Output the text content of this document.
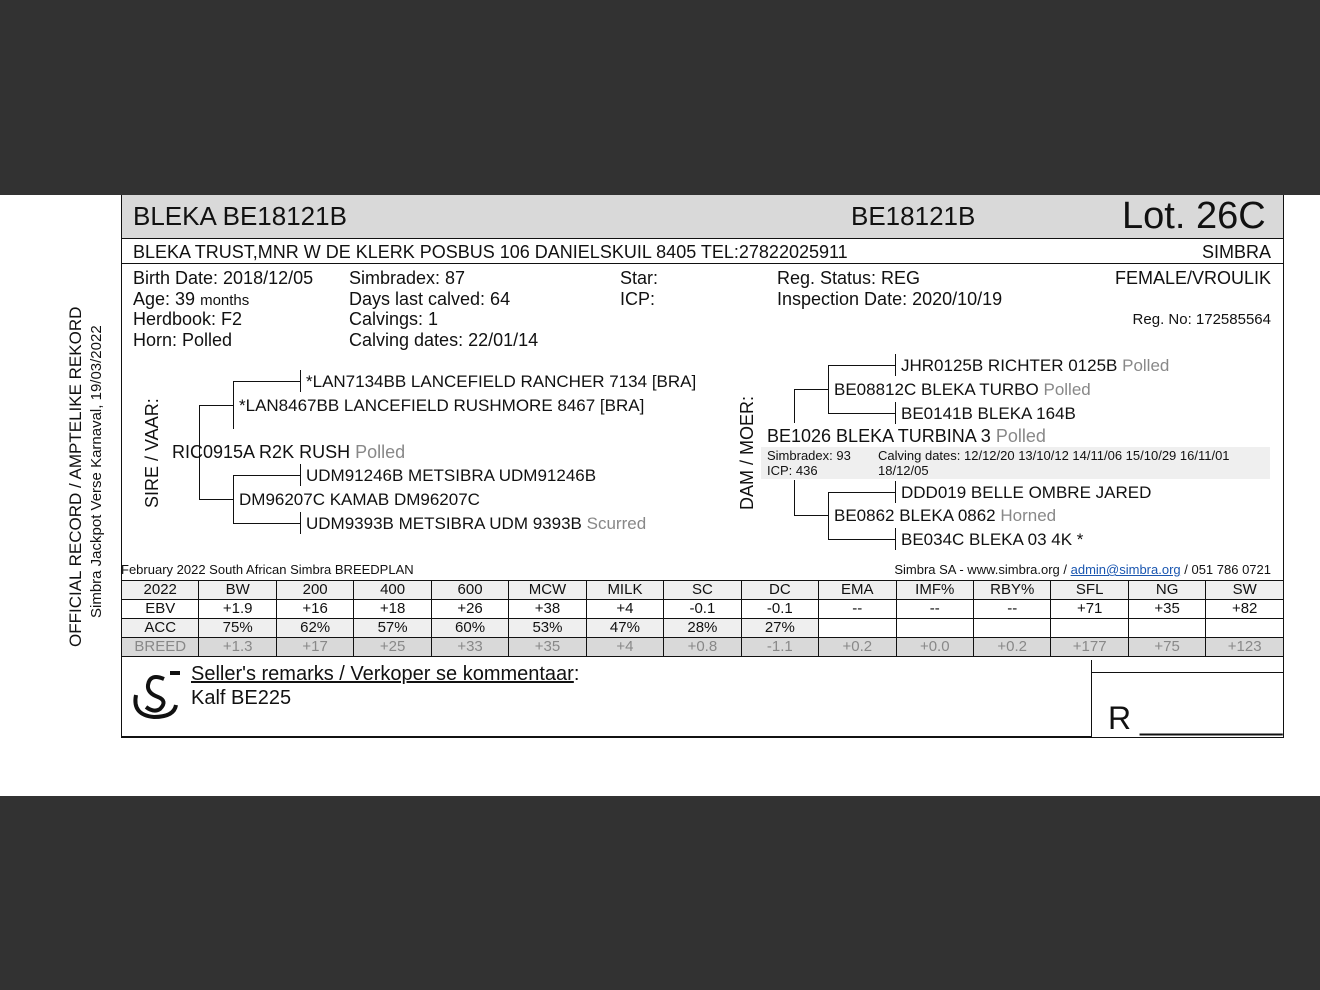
OFFICIAL RECORD / AMPTELIKE REKORD Simbra Jackpot Verse Karnaval, 19/03/2022
BLEKA BE18121B	BE18121B	Lot. 26C
BLEKA TRUST,MNR W DE KLERK POSBUS 106 DANIELSKUIL 8405 TEL:27822025911	SIMBRA
Birth Date: 2018/12/05
Age: 39 months
Herdbook: F2
Horn: Polled
Simbradex: 87
Days last calved: 64
Calvings: 1
Calving dates: 22/01/14
Star:
ICP:
Reg. Status: REG
Inspection Date: 2020/10/19
FEMALE/VROULIK
Reg. No: 172585564
SIRE / VAAR:
*LAN7134BB LANCEFIELD RANCHER 7134 [BRA]
*LAN8467BB LANCEFIELD RUSHMORE 8467 [BRA]
RIC0915A R2K RUSH Polled
UDM91246B METSIBRA UDM91246B
DM96207C KAMAB DM96207C
UDM9393B METSIBRA UDM 9393B Scurred
DAM / MOER:
JHR0125B RICHTER 0125B Polled
BE08812C BLEKA TURBO Polled
BE0141B BLEKA 164B
BE1026 BLEKA TURBINA 3 Polled
Simbradex: 93
ICP: 436
Calving dates: 12/12/20 13/10/12 14/11/06 15/10/29 16/11/01
18/12/05
DDD019 BELLE OMBRE JARED
BE0862 BLEKA 0862 Horned
BE034C BLEKA 03 4K *
February 2022 South African Simbra BREEDPLAN	Simbra SA - www.simbra.org / admin@simbra.org / 051 786 0721
2022	BW	200	400	600	MCW	MILK	SC	DC	EMA	IMF%	RBY%	SFL	NG	SW
EBV	+1.9	+16	+18	+26	+38	+4	-0.1	-0.1	--	--	--	+71	+35	+82
ACC	75%	62%	57%	60%	53%	47%	28%	27%						
BREED	+1.3	+17	+25	+33	+35	+4	+0.8	-1.1	+0.2	+0.0	+0.2	+177	+75	+123
Seller's remarks / Verkoper se kommentaar:
Kalf BE225
R ________
